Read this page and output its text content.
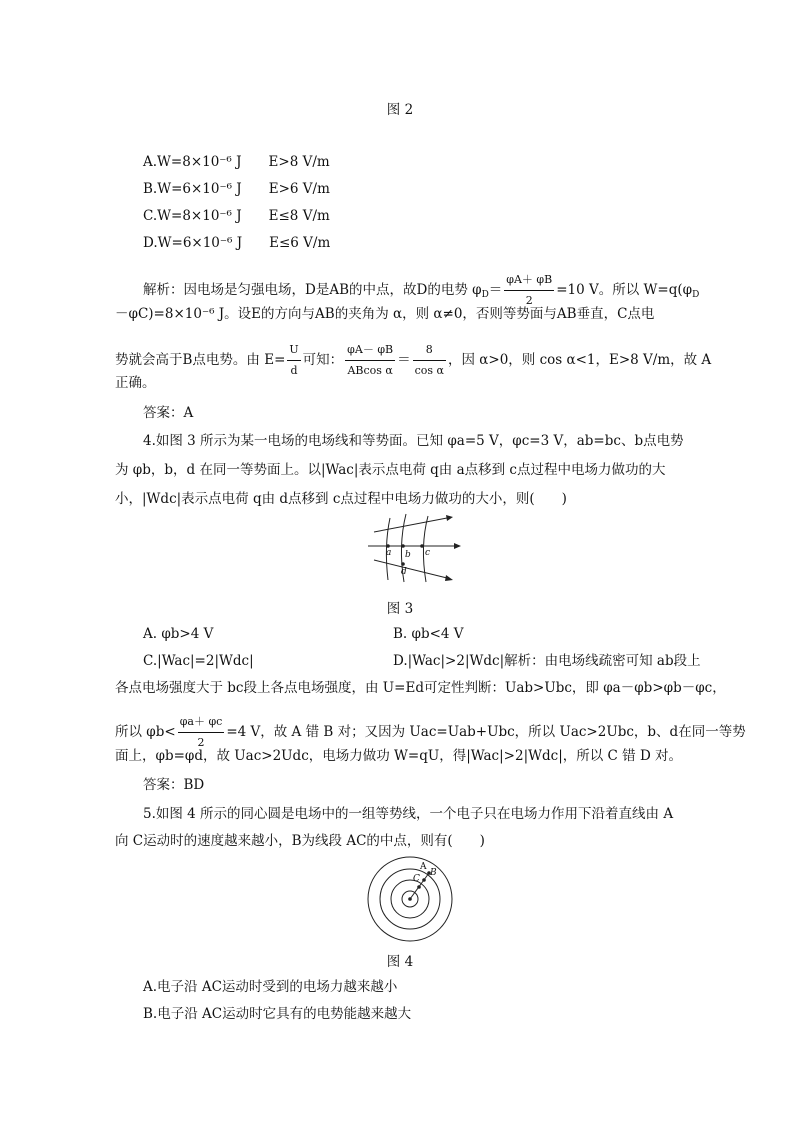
图 2
A.W=8×10⁻⁶ J　　E>8 V/m
B.W=6×10⁻⁶ J　　E>6 V/m
C.W=8×10⁻⁶ J　　E≤8 V/m
D.W=6×10⁻⁶ J　　E≤6 V/m
解析：因电场是匀强电场，D是AB的中点，故D的电势 $\varphi_D= \frac{\varphi A+ \varphi B}{2} =10$ V。所以 $W=q(\varphi_D$
－φC)=8×10⁻⁶ J。设E的方向与AB的夹角为 α，则 α≠0，否则等势面与AB垂直，C点电
势就会高于B点电势。由 $E= \frac{U}{d}$ 可知： $\frac{\varphi A- \varphi B}{\text{ABcos α}} = \frac{8}{\text{cos α}}$ ，因 α>0，则 cos α<1，E>8 V/m，故 A
正确。
答案：A
4.如图 3 所示为某一电场的电场线和等势面。已知 φa=5 V，φc=3 V，ab=bc、b点电势
为 φb，b，d 在同一等势面上。以|Wac|表示点电荷 q由 a点移到 c点过程中电场力做功的大
小，|Wdc|表示点电荷 q由 d点移到 c点过程中电场力做功的大小，则(　　)
a b c
d
图 3
A. φb>4 V	B. φb<4 V
C.|Wac|=2|Wdc|	D.|Wac|>2|Wdc|解析：由电场线疏密可知 ab段上
各点电场强度大于 bc段上各点电场强度，由 U=Ed可定性判断：Uab>Ubc，即 φa－φb>φb－φc，
所以 $\varphi b< \frac{\varphi a+ \varphi c}{2} =4$ V，故 A 错 B 对；又因为 Uac=Uab+Ubc，所以 Uac>2Ubc，b、d在同一等势
面上，φb=φd，故 Uac>2Udc，电场力做功 W=qU，得|Wac|>2|Wdc|，所以 C 错 D 对。
答案：BD
5.如图 4 所示的同心圆是电场中的一组等势线，一个电子只在电场力作用下沿着直线由 A
向 C运动时的速度越来越小，B为线段 AC的中点，则有(　　)
A
B
C
图 4
A.电子沿 AC运动时受到的电场力越来越小
B.电子沿 AC运动时它具有的电势能越来越大
